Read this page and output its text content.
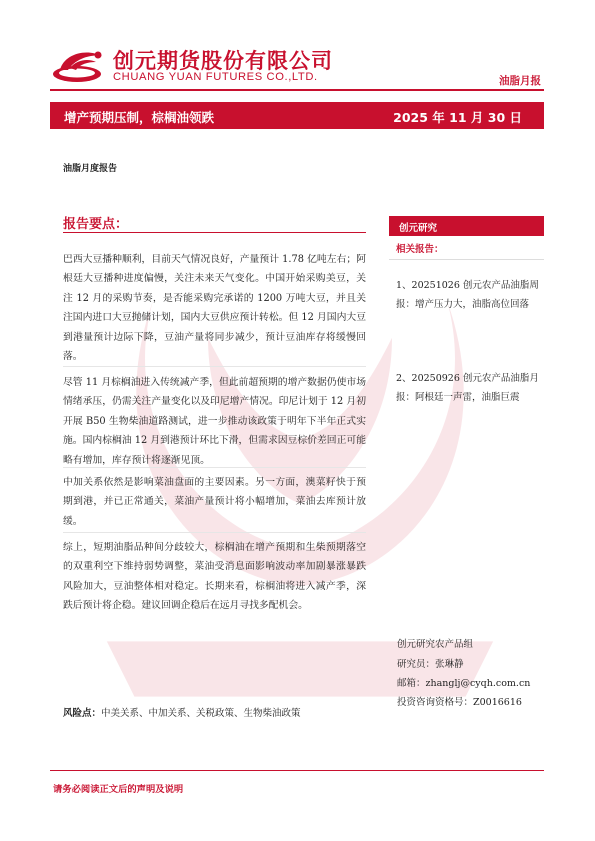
创元期货股份有限公司
CHUANG YUAN FUTURES CO.,LTD.	油脂月报
增产预期压制，棕榈油领跌	2025 年 11 月 30 日
油脂月度报告
报告要点：

巴西大豆播种顺利，目前天气情况良好，产量预计 1.78 亿吨左右；阿根廷大豆播种进度偏慢，关注未来天气变化。中国开始采购美豆，关注 12 月的采购节奏，是否能采购完承诺的 1200 万吨大豆，并且关注国内进口大豆抛储计划，国内大豆供应预计转松。但 12 月国内大豆到港量预计边际下降，豆油产量将同步减少，预计豆油库存将缓慢回落。

尽管 11 月棕榈油进入传统减产季，但此前超预期的增产数据仍使市场情绪承压，仍需关注产量变化以及印尼增产情况。印尼计划于 12 月初开展 B50 生物柴油道路测试，进一步推动该政策于明年下半年正式实施。国内棕榈油 12 月到港预计环比下滑，但需求因豆棕价差回正可能略有增加，库存预计将逐渐见顶。

中加关系依然是影响菜油盘面的主要因素。另一方面，澳菜籽快于预期到港，并已正常通关，菜油产量预计将小幅增加，菜油去库预计放缓。

综上，短期油脂品种间分歧较大，棕榈油在增产预期和生柴预期落空的双重利空下维持弱势调整，菜油受消息面影响波动率加剧暴涨暴跌风险加大，豆油整体相对稳定。长期来看，棕榈油将进入减产季，深跌后预计将企稳。建议回调企稳后在远月寻找多配机会。

创元研究
相关报告：

1、20251026 创元农产品油脂周报：增产压力大，油脂高位回落

2、20250926 创元农产品油脂月报：阿根廷一声雷，油脂巨震

创元研究农产品组
研究员：张琳静
邮箱：zhanglj@cyqh.com.cn
投资咨询资格号：Z0016616
风险点：中美关系、中加关系、关税政策、生物柴油政策
请务必阅读正文后的声明及说明
